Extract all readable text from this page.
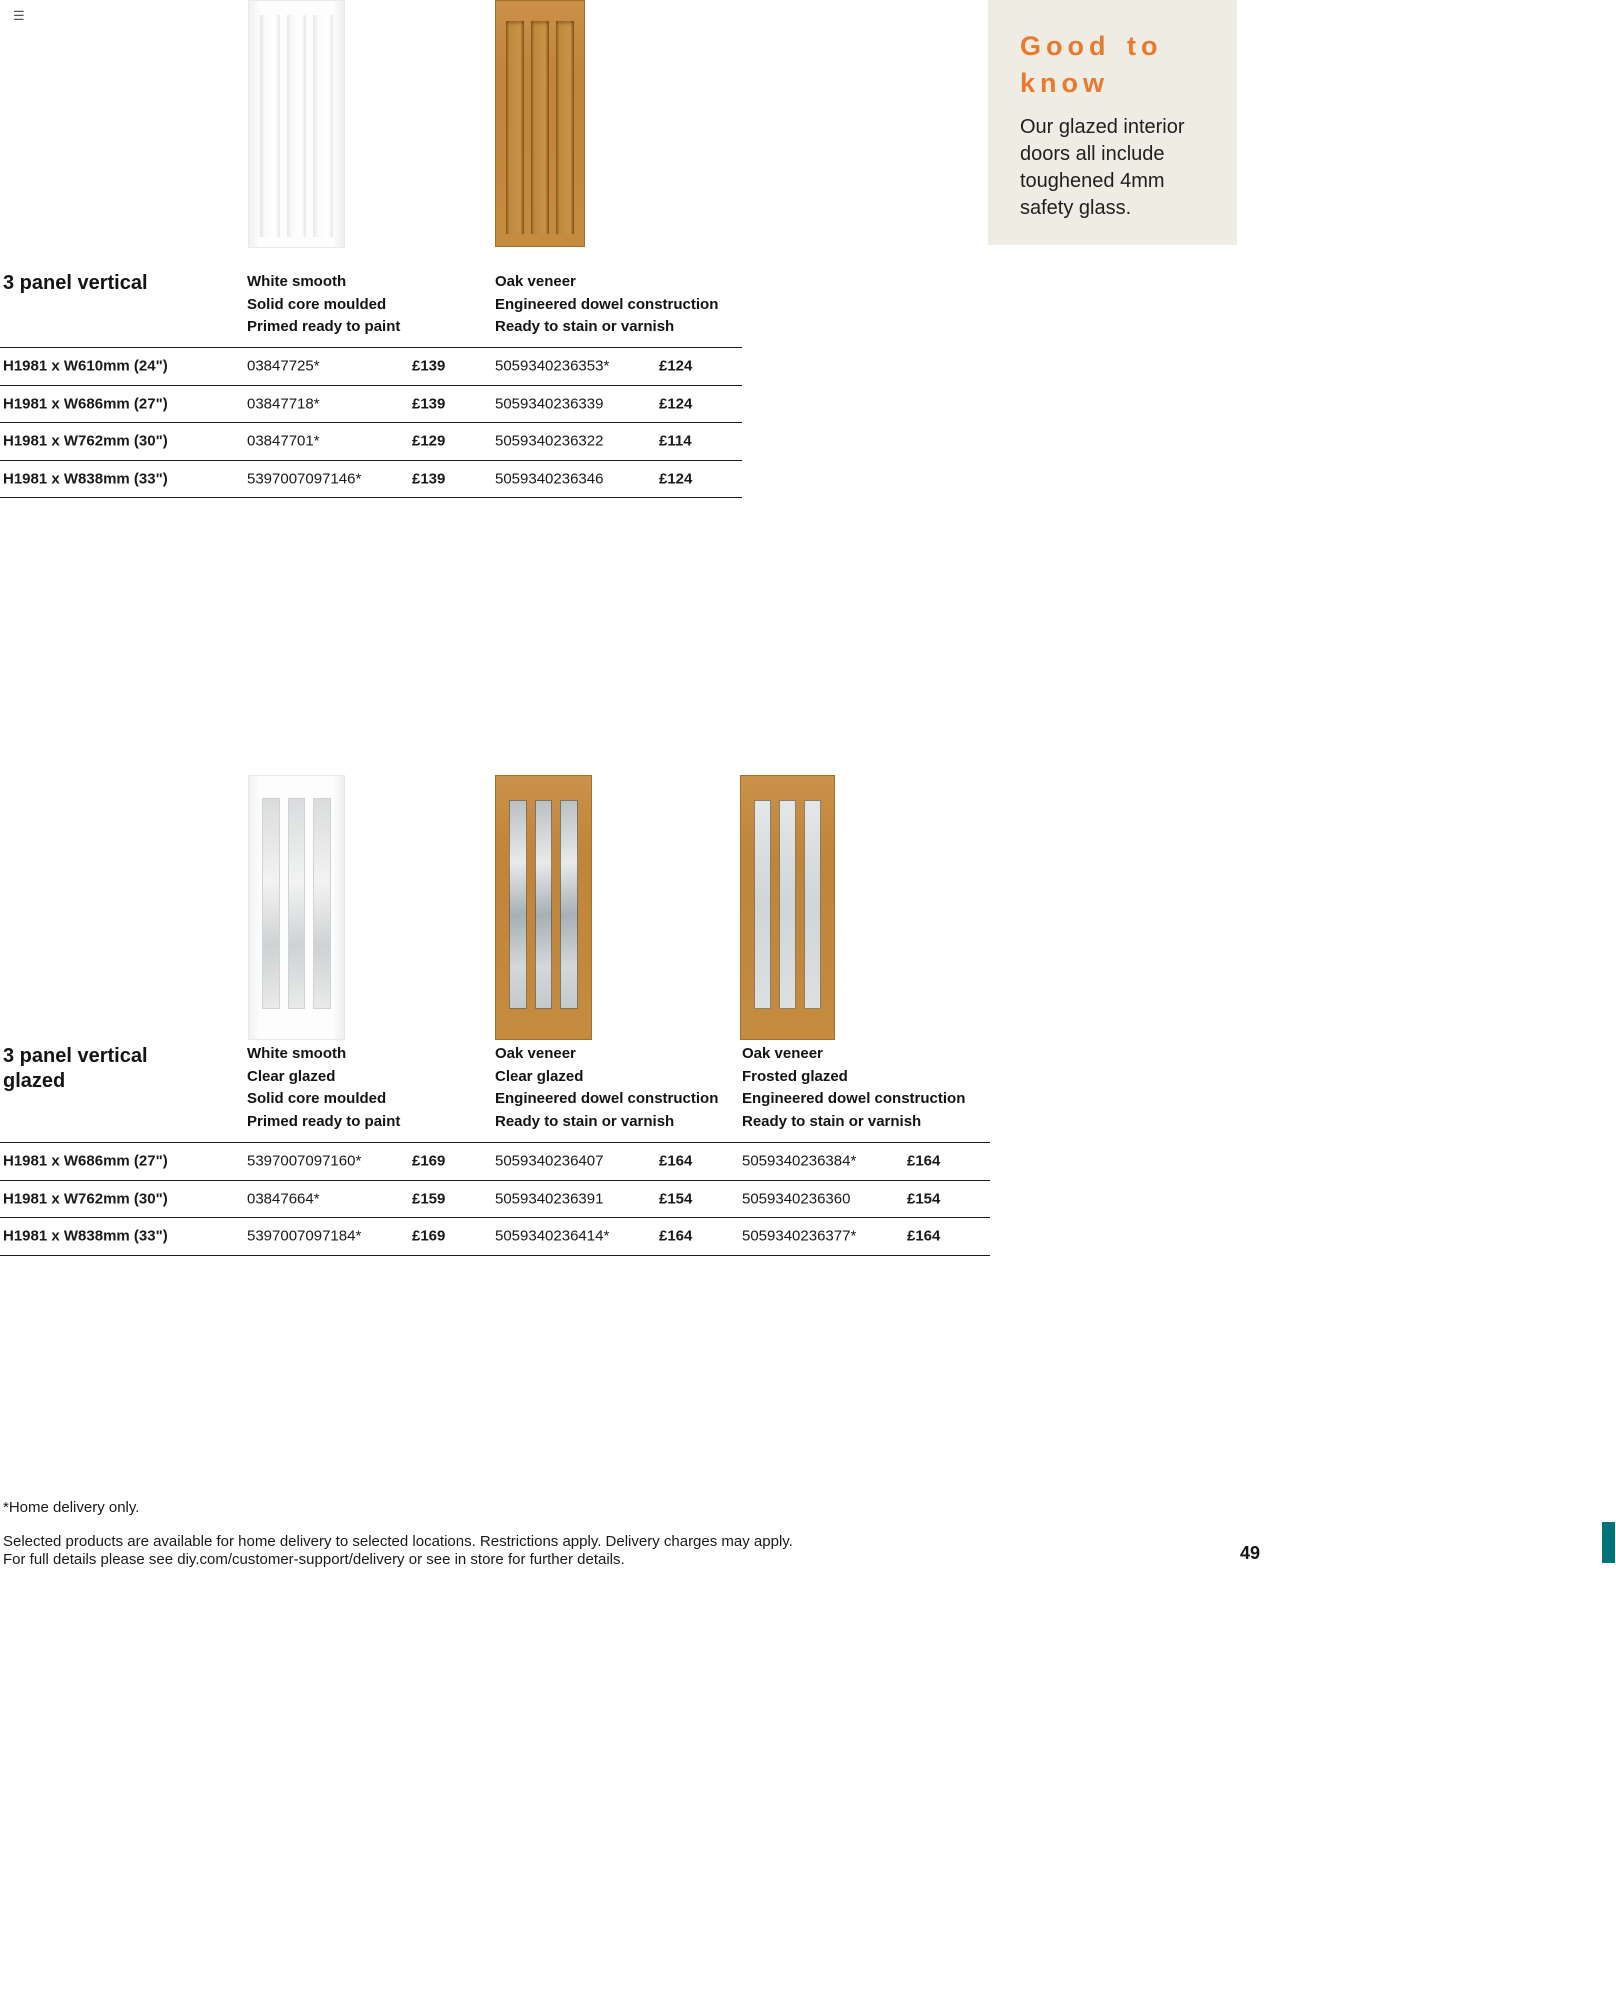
☰
Good to know

Our glazed interior doors all include toughened 4mm safety glass.

3 panel vertical	White smooth
Solid core moulded
Primed ready to paint
Oak veneer
Engineered dowel construction
Ready to stain or varnish
H1981 x W610mm (24")	03847725*	£139	5059340236353*	£124
H1981 x W686mm (27")	03847718*	£139	5059340236339	£124
H1981 x W762mm (30")	03847701*	£129	5059340236322	£114
H1981 x W838mm (33")	5397007097146*	£139	5059340236346	£124
3 panel vertical
glazed
White smooth
Clear glazed
Solid core moulded
Primed ready to paint
Oak veneer
Clear glazed
Engineered dowel construction
Ready to stain or varnish
Oak veneer
Frosted glazed
Engineered dowel construction
Ready to stain or varnish
H1981 x W686mm (27")	5397007097160*	£169	5059340236407	£164	5059340236384*	£164
H1981 x W762mm (30")	03847664*	£159	5059340236391	£154	5059340236360	£154
H1981 x W838mm (33")	5397007097184*	£169	5059340236414*	£164	5059340236377*	£164
*Home delivery only.
Selected products are available for home delivery to selected locations. Restrictions apply. Delivery charges may apply.
For full details please see diy.com/customer-support/delivery or see in store for further details.	49
